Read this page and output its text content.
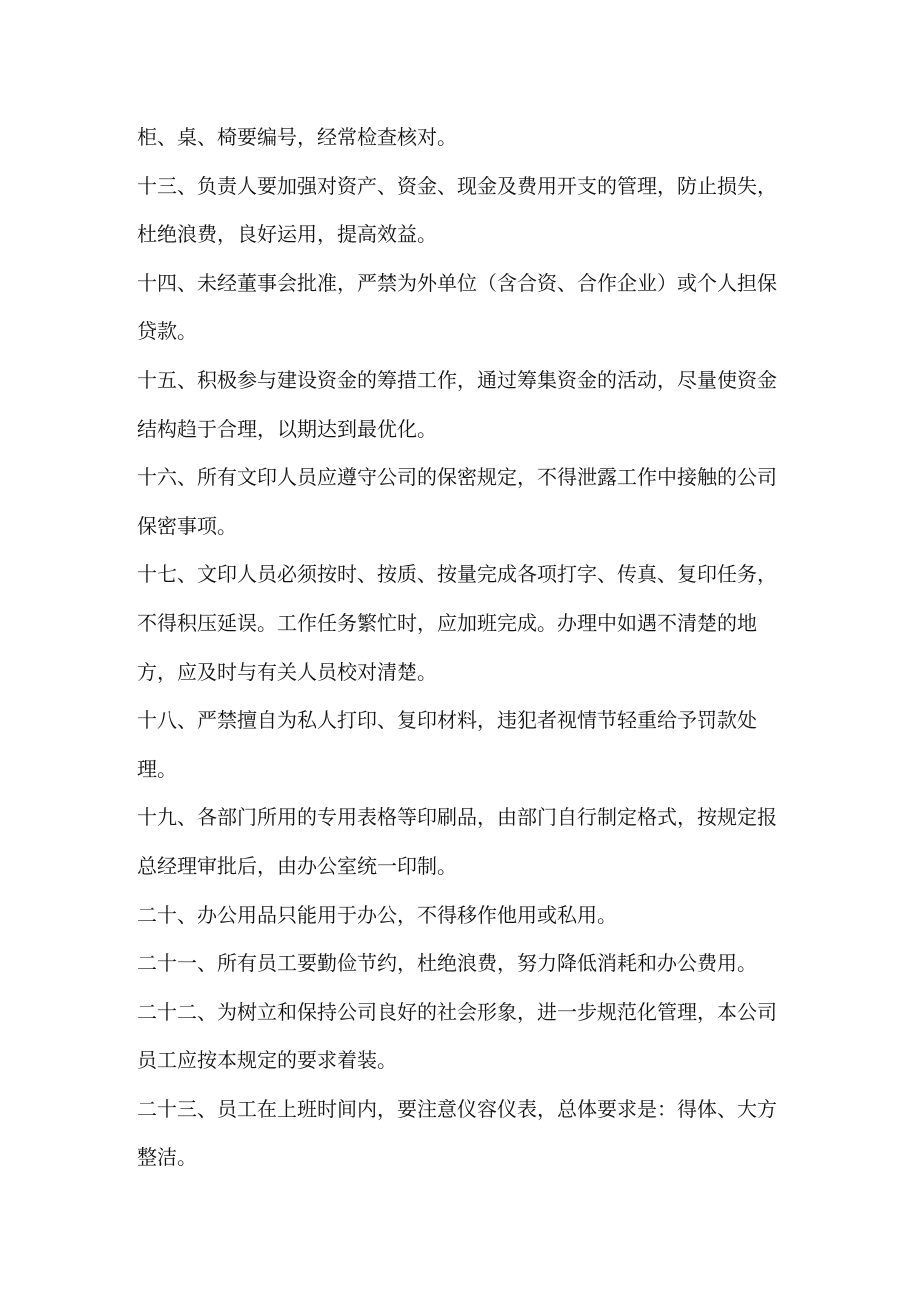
柜、桌、椅要编号，经常检查核对。
十三、负责人要加强对资产、资金、现金及费用开支的管理，防止损失，
杜绝浪费，良好运用，提高效益。
十四、未经董事会批准，严禁为外单位（含合资、合作企业）或个人担保
贷款。
十五、积极参与建设资金的筹措工作，通过筹集资金的活动，尽量使资金
结构趋于合理，以期达到最优化。
十六、所有文印人员应遵守公司的保密规定，不得泄露工作中接触的公司
保密事项。
十七、文印人员必须按时、按质、按量完成各项打字、传真、复印任务，
不得积压延误。工作任务繁忙时，应加班完成。办理中如遇不清楚的地
方，应及时与有关人员校对清楚。
十八、严禁擅自为私人打印、复印材料，违犯者视情节轻重给予罚款处
理。
十九、各部门所用的专用表格等印刷品，由部门自行制定格式，按规定报
总经理审批后，由办公室统一印制。
二十、办公用品只能用于办公，不得移作他用或私用。
二十一、所有员工要勤俭节约，杜绝浪费，努力降低消耗和办公费用。
二十二、为树立和保持公司良好的社会形象，进一步规范化管理，本公司
员工应按本规定的要求着装。
二十三、员工在上班时间内，要注意仪容仪表，总体要求是：得体、大方
整洁。
